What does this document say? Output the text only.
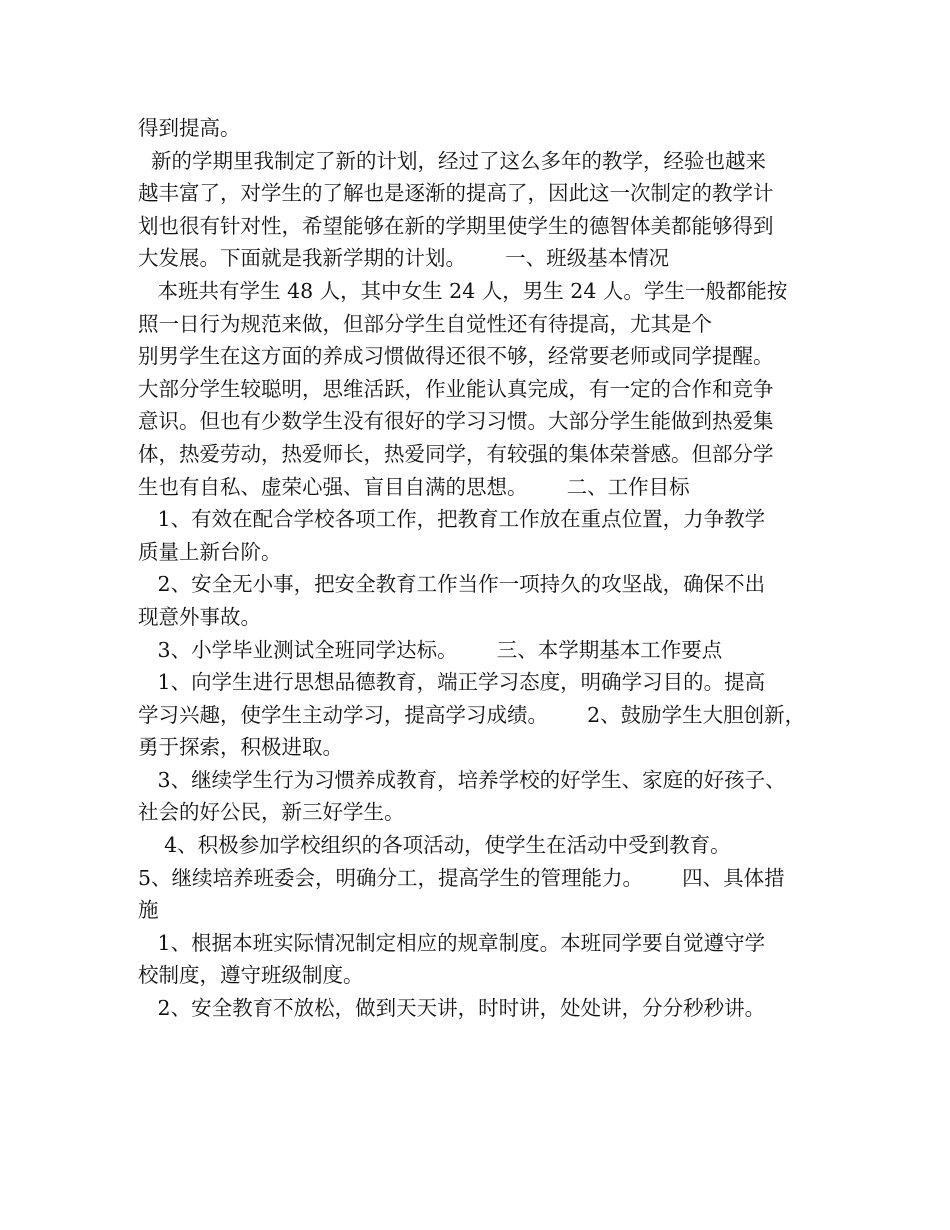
得到提高。
新的学期里我制定了新的计划，经过了这么多年的教学，经验也越来
越丰富了，对学生的了解也是逐渐的提高了，因此这一次制定的教学计
划也很有针对性，希望能够在新的学期里使学生的德智体美都能够得到
大发展。下面就是我新学期的计划。      一、班级基本情况
本班共有学生 48 人，其中女生 24 人，男生 24 人。学生一般都能按
照一日行为规范来做，但部分学生自觉性还有待提高，尤其是个
别男学生在这方面的养成习惯做得还很不够，经常要老师或同学提醒。
大部分学生较聪明，思维活跃，作业能认真完成，有一定的合作和竞争
意识。但也有少数学生没有很好的学习习惯。大部分学生能做到热爱集
体，热爱劳动，热爱师长，热爱同学，有较强的集体荣誉感。但部分学
生也有自私、虚荣心强、盲目自满的思想。      二、工作目标
1、有效在配合学校各项工作，把教育工作放在重点位置，力争教学
质量上新台阶。
2、安全无小事，把安全教育工作当作一项持久的攻坚战，确保不出
现意外事故。
3、小学毕业测试全班同学达标。      三、本学期基本工作要点
1、向学生进行思想品德教育，端正学习态度，明确学习目的。提高
学习兴趣，使学生主动学习，提高学习成绩。      2、鼓励学生大胆创新，
勇于探索，积极进取。
3、继续学生行为习惯养成教育，培养学校的好学生、家庭的好孩子、
社会的好公民，新三好学生。
4、积极参加学校组织的各项活动，使学生在活动中受到教育。
5、继续培养班委会，明确分工，提高学生的管理能力。      四、具体措
施
1、根据本班实际情况制定相应的规章制度。本班同学要自觉遵守学
校制度，遵守班级制度。
2、安全教育不放松，做到天天讲，时时讲，处处讲，分分秒秒讲。
